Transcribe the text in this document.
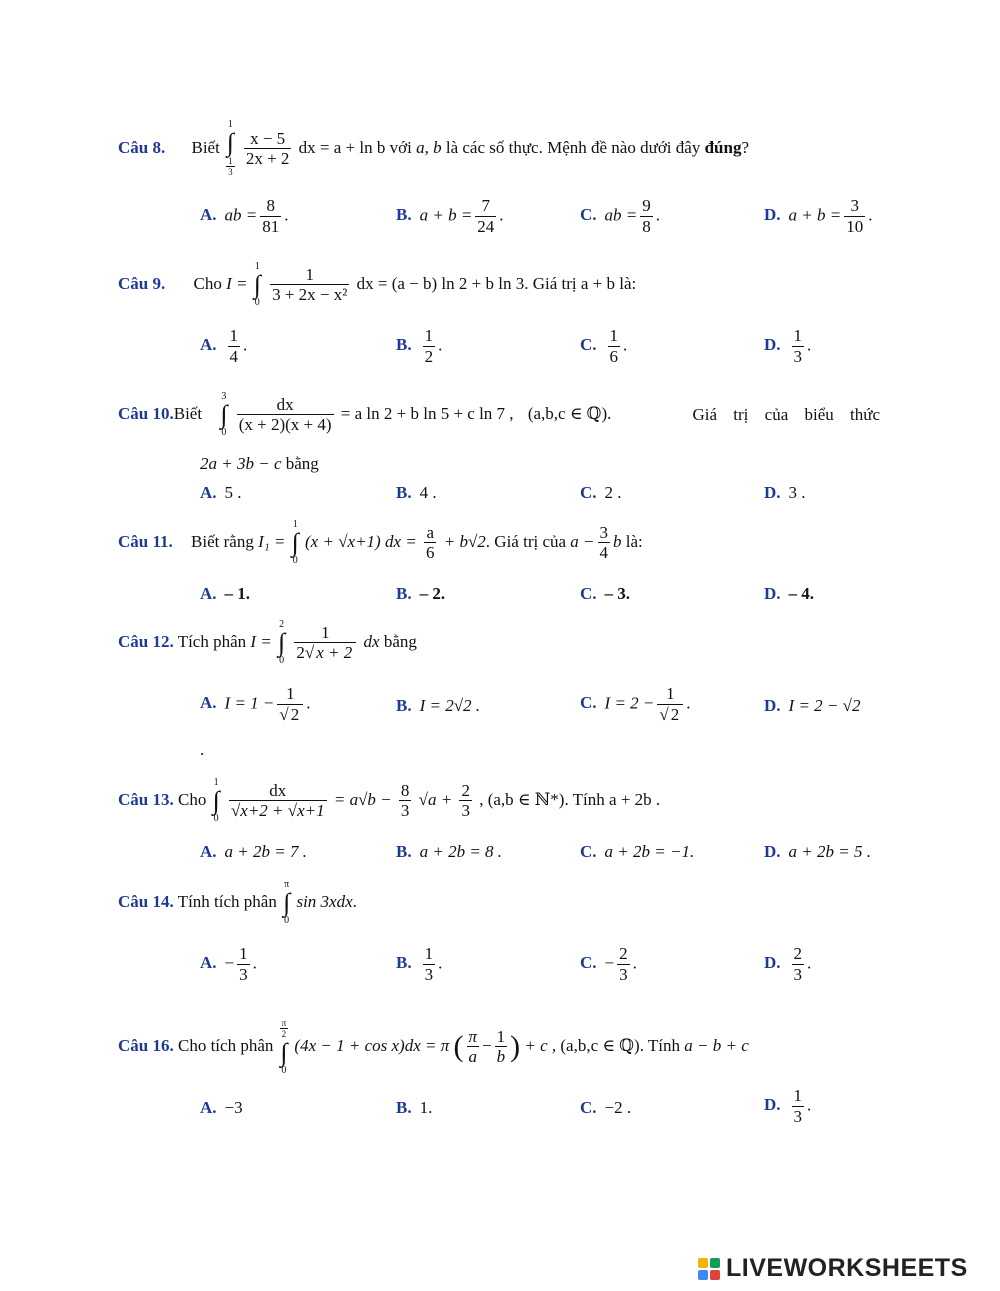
Câu 8. Biết
1
∫
$\frac{1}{3}$
$\frac{x - 5}{2x + 2}$ dx = a + ln b với a, b là các số thực. Mệnh đề nào dưới đây đúng?
A. ab = $\frac{8}{81}$ .	B. $a + b = \frac{7}{24}$ .	C. ab = $\frac{9}{8}$ .	D. $a + b = \frac{3}{10}$ .
Câu 9. Cho I =
1
∫
0
$\frac{1}{\text{3 + 2x − x²}}$ dx = (a − b) ln 2 + b ln 3. Giá trị a + b là:
A. $\frac{1}{4}$ .	B. $\frac{1}{2}$ .	C. $\frac{1}{6}$ .	D. $\frac{1}{3}$ .
Câu 10.Biết
3
∫
0
$\frac{dx}{(x + 2)(x + 4)} = a$ ln 2 + b ln 5 + c ln 7 , (a,b,c ∈ ℚ).	Giá trị của biểu thức
2a + 3b − c bằng
A. 5 .	B. 4 .	C. 2 .	D. 3 .
Câu 11. Biết rằng I₁ =
1
∫
0
(x + √x+1) dx = $\frac{a}{6} + b√2$. Giá trị của $a - \frac{3}{4}$ b là:
A. – 1.	B. – 2.	C. – 3.	D. – 4.
Câu 12. Tích phân I =
2
∫
0
$\frac{1}{2√ x + 2}$ dx bằng
A. I = 1 − 1
√ 2 .	B. I = 2√2 .	C. I = 2 − 1
√ 2 .	D. I = 2 − √2
.
Câu 13. Cho
1
∫
0
$\frac{dx}{√x+2 + √x+1} = a√b - \frac{8}{3} √a + \frac{2}{3}$ , (a,b ∈ ℕ*). Tính a + 2b .
A. a + 2b = 7 .	B. a + 2b = 8 .	C. a + 2b = −1.	D. a + 2b = 5 .
Câu 14. Tính tích phân
π
∫
0
sin 3xdx.
A. − $\frac{1}{3}$ .	B. $\frac{1}{3}$ .	C. − $\frac{2}{3}$ .	D. $\frac{2}{3}$ .
Câu 16. Cho tích phân
$\frac{\pi}{2}$
∫
0
(4x − 1 + cos x)dx = π ( $\frac{\pi}{a} - \frac{1}{b}$ ) + c , (a,b,c ∈ ℚ). Tính a − b + c
A. −3	B. 1.	C. −2 .	D. $\frac{1}{3}$ .
LIVEWORKSHEETS
